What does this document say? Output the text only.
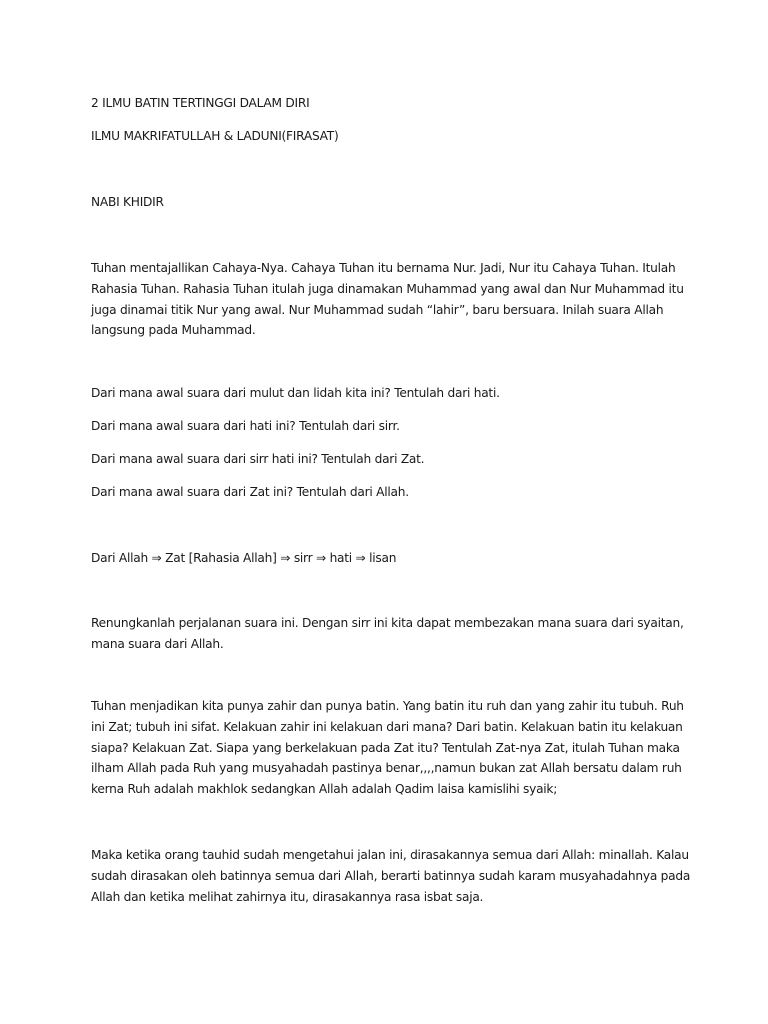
2 ILMU BATIN TERTINGGI DALAM DIRI

ILMU MAKRIFATULLAH & LADUNI(FIRASAT)

NABI KHIDIR

Tuhan mentajallikan Cahaya-Nya. Cahaya Tuhan itu bernama Nur. Jadi, Nur itu Cahaya Tuhan. Itulah Rahasia Tuhan. Rahasia Tuhan itulah juga dinamakan Muhammad yang awal dan Nur Muhammad itu juga dinamai titik Nur yang awal. Nur Muhammad sudah “lahir”, baru bersuara. Inilah suara Allah langsung pada Muhammad.

Dari mana awal suara dari mulut dan lidah kita ini? Tentulah dari hati.

Dari mana awal suara dari hati ini? Tentulah dari sirr.

Dari mana awal suara dari sirr hati ini? Tentulah dari Zat.

Dari mana awal suara dari Zat ini? Tentulah dari Allah.

Dari Allah ⇒ Zat [Rahasia Allah] ⇒ sirr ⇒ hati ⇒ lisan

Renungkanlah perjalanan suara ini. Dengan sirr ini kita dapat membezakan mana suara dari syaitan, mana suara dari Allah.

Tuhan menjadikan kita punya zahir dan punya batin. Yang batin itu ruh dan yang zahir itu tubuh. Ruh ini Zat; tubuh ini sifat. Kelakuan zahir ini kelakuan dari mana? Dari batin. Kelakuan batin itu kelakuan siapa? Kelakuan Zat. Siapa yang berkelakuan pada Zat itu? Tentulah Zat-nya Zat, itulah Tuhan maka ilham Allah pada Ruh yang musyahadah pastinya benar,,,,namun bukan zat Allah bersatu dalam ruh kerna Ruh adalah makhlok sedangkan Allah adalah Qadim laisa kamislihi syaik;

Maka ketika orang tauhid sudah mengetahui jalan ini, dirasakannya semua dari Allah: minallah. Kalau sudah dirasakan oleh batinnya semua dari Allah, berarti batinnya sudah karam musyahadahnya pada Allah dan ketika melihat zahirnya itu, dirasakannya rasa isbat saja.
